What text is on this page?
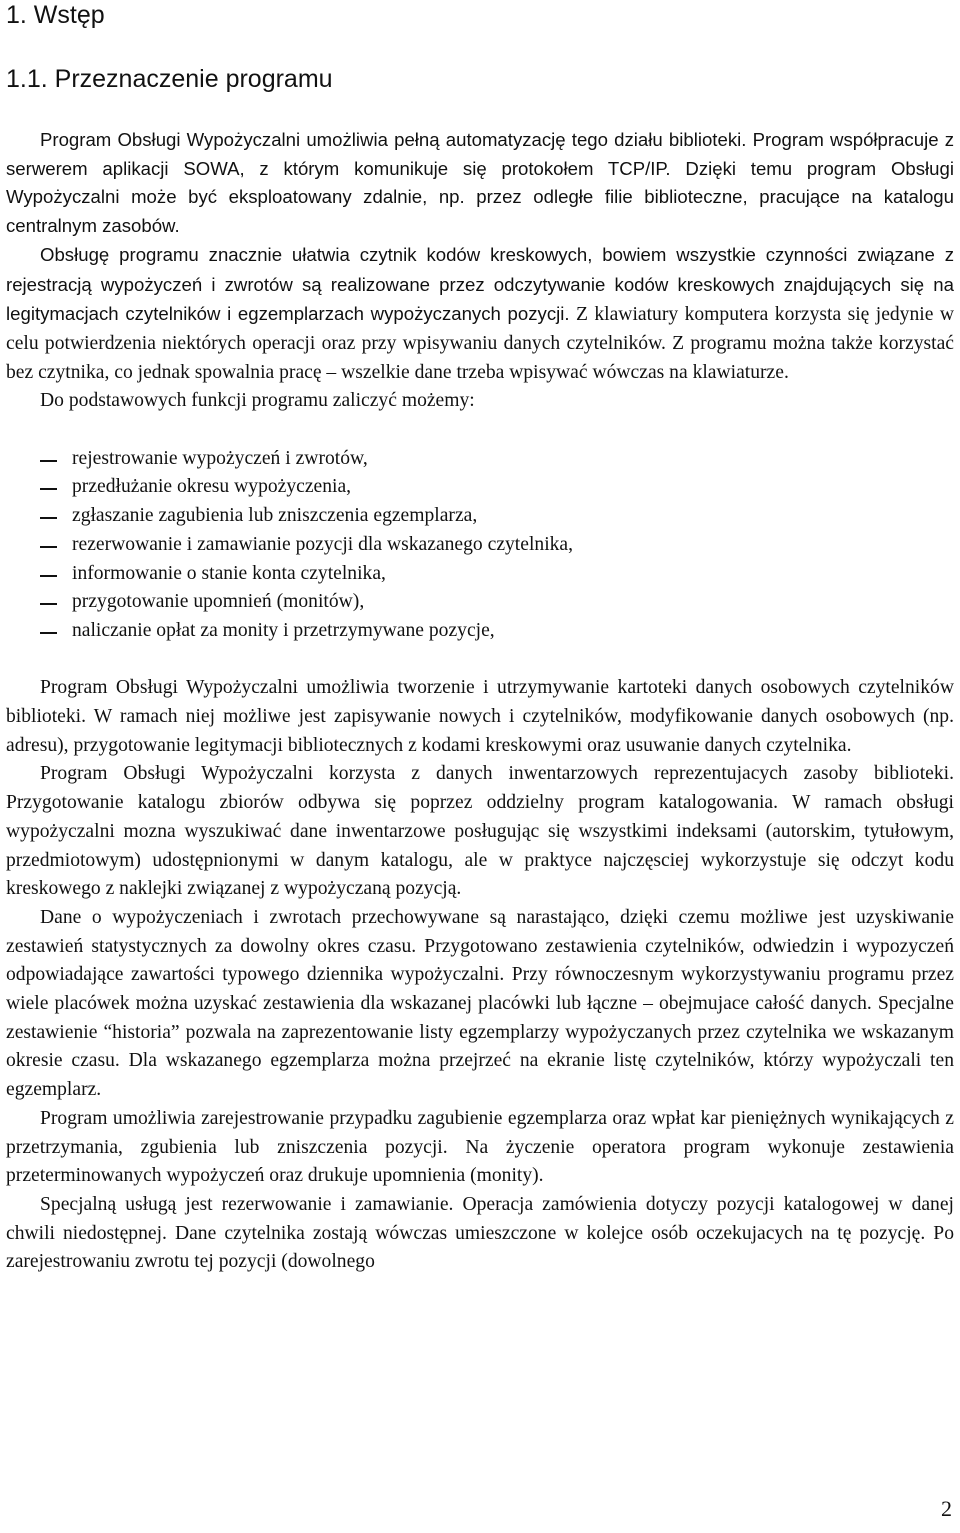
1. Wstęp
1.1. Przeznaczenie programu

Program Obsługi Wypożyczalni umożliwia pełną automatyzację tego działu biblioteki. Program współpracuje z serwerem aplikacji SOWA, z którym komunikuje się protokołem TCP/IP. Dzięki temu program Obsługi Wypożyczalni może być eksploatowany zdalnie, np. przez odległe filie biblioteczne, pracujące na katalogu centralnym zasobów.

Obsługę programu znacznie ułatwia czytnik kodów kreskowych, bowiem wszystkie czynności związane z rejestracją wypożyczeń i zwrotów są realizowane przez odczytywanie kodów kreskowych znajdujących się na legitymacjach czytelników i egzemplarzach wypożyczanych pozycji. Z klawiatury komputera korzysta się jedynie w celu potwierdzenia niektórych operacji oraz przy wpisywaniu danych czytelników. Z programu można także korzystać bez czytnika, co jednak spowalnia pracę – wszelkie dane trzeba wpisywać wówczas na klawiaturze.

Do podstawowych funkcji programu zaliczyć możemy:

rejestrowanie wypożyczeń i zwrotów,
przedłużanie okresu wypożyczenia,
zgłaszanie zagubienia lub zniszczenia egzemplarza,
rezerwowanie i zamawianie pozycji dla wskazanego czytelnika,
informowanie o stanie konta czytelnika,
przygotowanie upomnień (monitów),
naliczanie opłat za monity i przetrzymywane pozycje,

Program Obsługi Wypożyczalni umożliwia tworzenie i utrzymywanie kartoteki danych osobowych czytelników biblioteki. W ramach niej możliwe jest zapisywanie nowych i czytelników, modyfikowanie danych osobowych (np. adresu), przygotowanie legitymacji bibliotecznych z kodami kreskowymi oraz usuwanie danych czytelnika.

Program Obsługi Wypożyczalni korzysta z danych inwentarzowych reprezentujacych zasoby biblioteki. Przygotowanie katalogu zbiorów odbywa się poprzez oddzielny program katalogowania. W ramach obsługi wypożyczalni mozna wyszukiwać dane inwentarzowe posługując się wszystkimi indeksami (autorskim, tytułowym, przedmiotowym) udostępnionymi w danym katalogu, ale w praktyce najczęsciej wykorzystuje się odczyt kodu kreskowego z naklejki związanej z wypożyczaną pozycją.

Dane o wypożyczeniach i zwrotach przechowywane są narastająco, dzięki czemu możliwe jest uzyskiwanie zestawień statystycznych za dowolny okres czasu. Przygotowano zestawienia czytelników, odwiedzin i wypozyczeń odpowiadające zawartości typowego dziennika wypożyczalni. Przy równoczesnym wykorzystywaniu programu przez wiele placówek można uzyskać zestawienia dla wskazanej placówki lub łączne – obejmujace całość danych. Specjalne zestawienie “historia” pozwala na zaprezentowanie listy egzemplarzy wypożyczanych przez czytelnika we wskazanym okresie czasu. Dla wskazanego egzemplarza można przejrzeć na ekranie listę czytelników, którzy wypożyczali ten egzemplarz.

Program umożliwia zarejestrowanie przypadku zagubienie egzemplarza oraz wpłat kar pieniężnych wynikających z przetrzymania, zgubienia lub zniszczenia pozycji. Na życzenie operatora program wykonuje zestawienia przeterminowanych wypożyczeń oraz drukuje upomnienia (monity).

Specjalną usługą jest rezerwowanie i zamawianie. Operacja zamówienia dotyczy pozycji katalogowej w danej chwili niedostępnej. Dane czytelnika zostają wówczas umieszczone w kolejce osób oczekujacych na tę pozycję. Po zarejestrowaniu zwrotu tej pozycji (dowolnego

2
